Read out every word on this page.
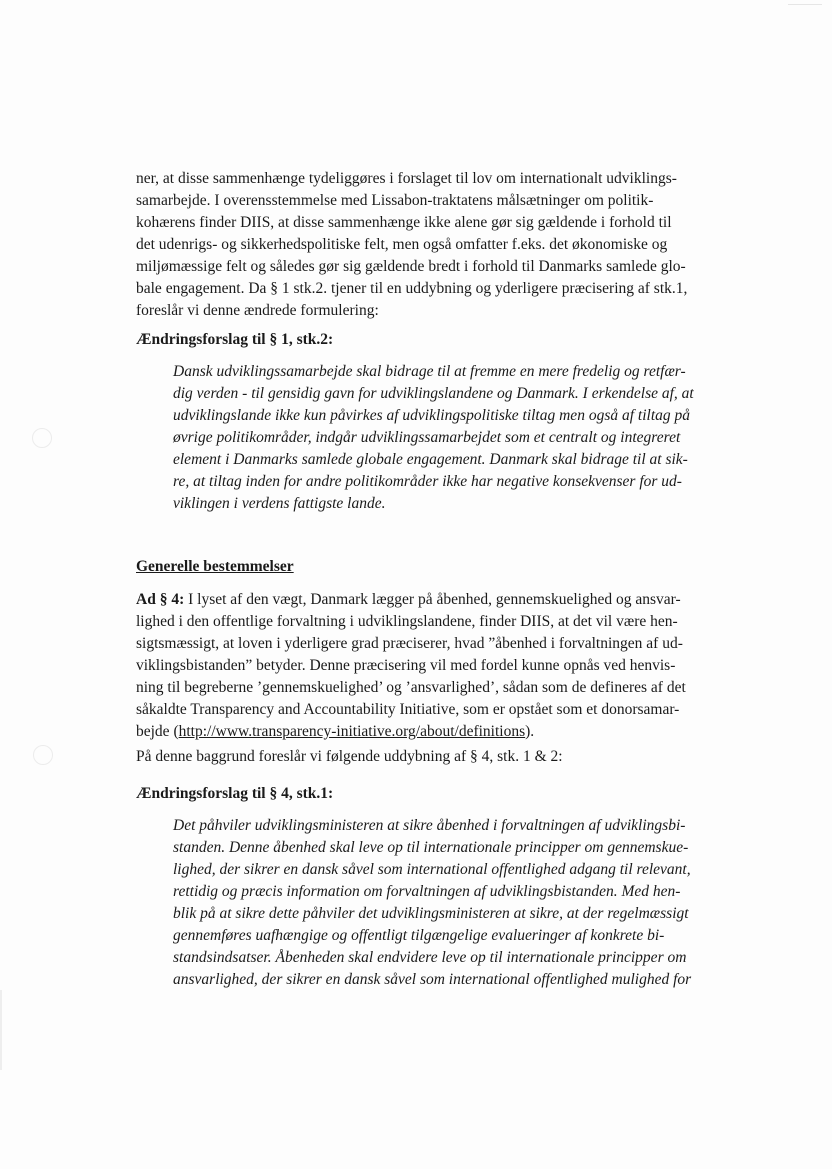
ner, at disse sammenhænge tydeliggøres i forslaget til lov om internationalt udviklings-
samarbejde. I overensstemmelse med Lissabon-traktatens målsætninger om politik-
kohærens finder DIIS, at disse sammenhænge ikke alene gør sig gældende i forhold til
det udenrigs- og sikkerhedspolitiske felt, men også omfatter f.eks. det økonomiske og
miljømæssige felt og således gør sig gældende bredt i forhold til Danmarks samlede glo-
bale engagement. Da § 1 stk.2. tjener til en uddybning og yderligere præcisering af stk.1,
foreslår vi denne ændrede formulering:
Ændringsforslag til § 1, stk.2:
Dansk udviklingssamarbejde skal bidrage til at fremme en mere fredelig og retfær-
dig verden - til gensidig gavn for udviklingslandene og Danmark. I erkendelse af, at
udviklingslande ikke kun påvirkes af udviklingspolitiske tiltag men også af tiltag på
øvrige politikområder, indgår udviklingssamarbejdet som et centralt og integreret
element i Danmarks samlede globale engagement. Danmark skal bidrage til at sik-
re, at tiltag inden for andre politikområder ikke har negative konsekvenser for ud-
viklingen i verdens fattigste lande.
Generelle bestemmelser
Ad § 4: I lyset af den vægt, Danmark lægger på åbenhed, gennemskuelighed og ansvar-
lighed i den offentlige forvaltning i udviklingslandene, finder DIIS, at det vil være hen-
sigtsmæssigt, at loven i yderligere grad præciserer, hvad ”åbenhed i forvaltningen af ud-
viklingsbistanden” betyder. Denne præcisering vil med fordel kunne opnås ved henvis-
ning til begreberne ’gennemskuelighed’ og ’ansvarlighed’, sådan som de defineres af det
såkaldte Transparency and Accountability Initiative, som er opstået som et donorsamar-
bejde (http://www.transparency-initiative.org/about/definitions).
På denne baggrund foreslår vi følgende uddybning af § 4, stk. 1 & 2:
Ændringsforslag til § 4, stk.1:
Det påhviler udviklingsministeren at sikre åbenhed i forvaltningen af udviklingsbi-
standen. Denne åbenhed skal leve op til internationale principper om gennemskue-
lighed, der sikrer en dansk såvel som international offentlighed adgang til relevant,
rettidig og præcis information om forvaltningen af udviklingsbistanden. Med hen-
blik på at sikre dette påhviler det udviklingsministeren at sikre, at der regelmæssigt
gennemføres uafhængige og offentligt tilgængelige evalueringer af konkrete bi-
standsindsatser. Åbenheden skal endvidere leve op til internationale principper om
ansvarlighed, der sikrer en dansk såvel som international offentlighed mulighed for
